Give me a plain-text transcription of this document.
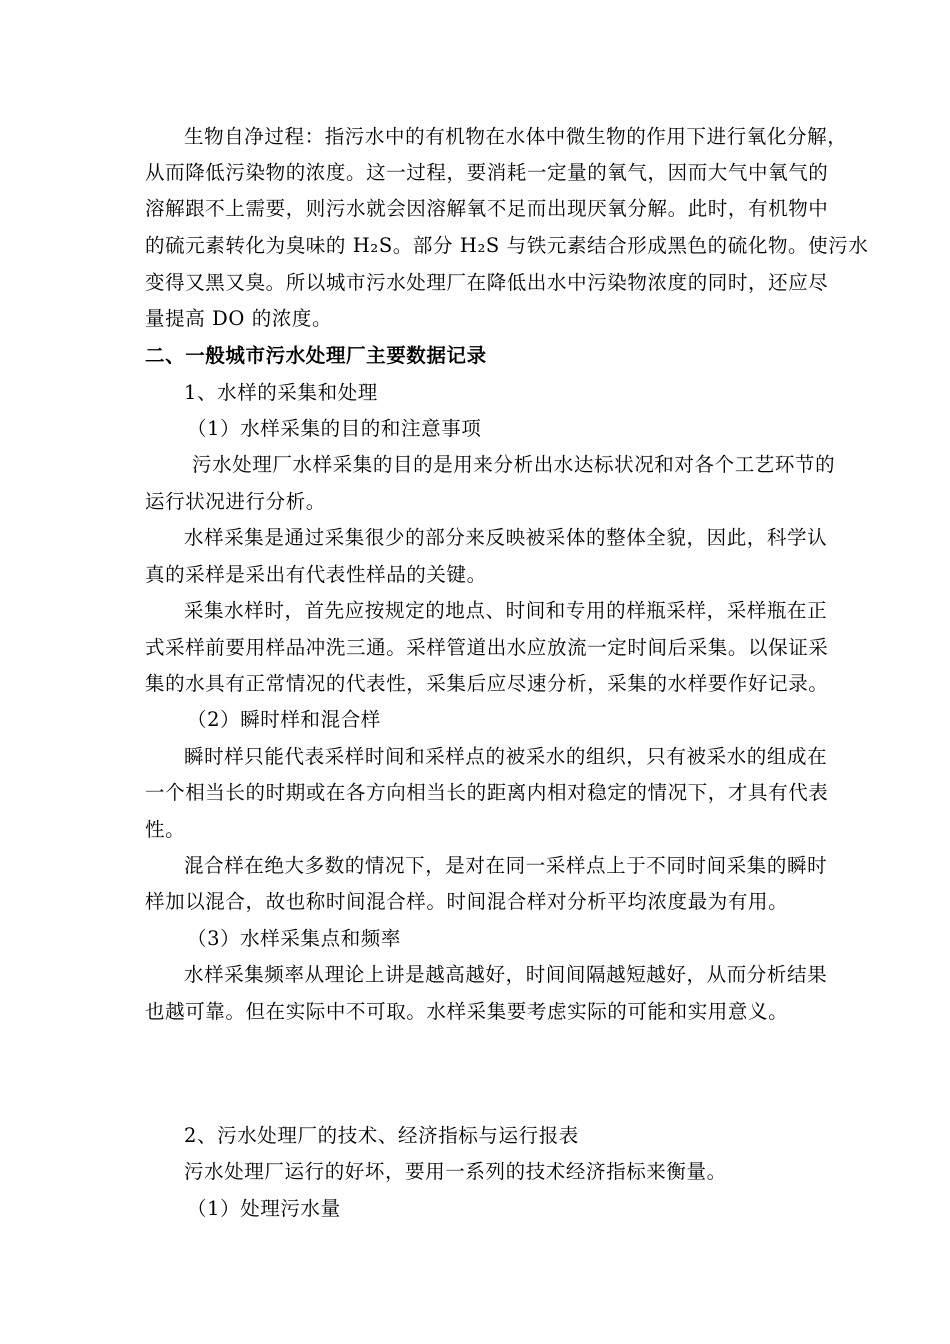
生物自净过程：指污水中的有机物在水体中微生物的作用下进行氧化分解，
从而降低污染物的浓度。这一过程，要消耗一定量的氧气，因而大气中氧气的
溶解跟不上需要，则污水就会因溶解氧不足而出现厌氧分解。此时，有机物中
的硫元素转化为臭味的 H₂S。部分 H₂S 与铁元素结合形成黑色的硫化物。使污水
变得又黑又臭。所以城市污水处理厂在降低出水中污染物浓度的同时，还应尽
量提高 DO 的浓度。
二、一般城市污水处理厂主要数据记录
1、水样的采集和处理
（1）水样采集的目的和注意事项
污水处理厂水样采集的目的是用来分析出水达标状况和对各个工艺环节的
运行状况进行分析。
水样采集是通过采集很少的部分来反映被采体的整体全貌，因此，科学认
真的采样是采出有代表性样品的关键。
采集水样时，首先应按规定的地点、时间和专用的样瓶采样，采样瓶在正
式采样前要用样品冲洗三通。采样管道出水应放流一定时间后采集。以保证采
集的水具有正常情况的代表性，采集后应尽速分析，采集的水样要作好记录。
（2）瞬时样和混合样
瞬时样只能代表采样时间和采样点的被采水的组织，只有被采水的组成在
一个相当长的时期或在各方向相当长的距离内相对稳定的情况下，才具有代表
性。
混合样在绝大多数的情况下，是对在同一采样点上于不同时间采集的瞬时
样加以混合，故也称时间混合样。时间混合样对分析平均浓度最为有用。
（3）水样采集点和频率
水样采集频率从理论上讲是越高越好，时间间隔越短越好，从而分析结果
也越可靠。但在实际中不可取。水样采集要考虑实际的可能和实用意义。
2、污水处理厂的技术、经济指标与运行报表
污水处理厂运行的好坏，要用一系列的技术经济指标来衡量。
（1）处理污水量
